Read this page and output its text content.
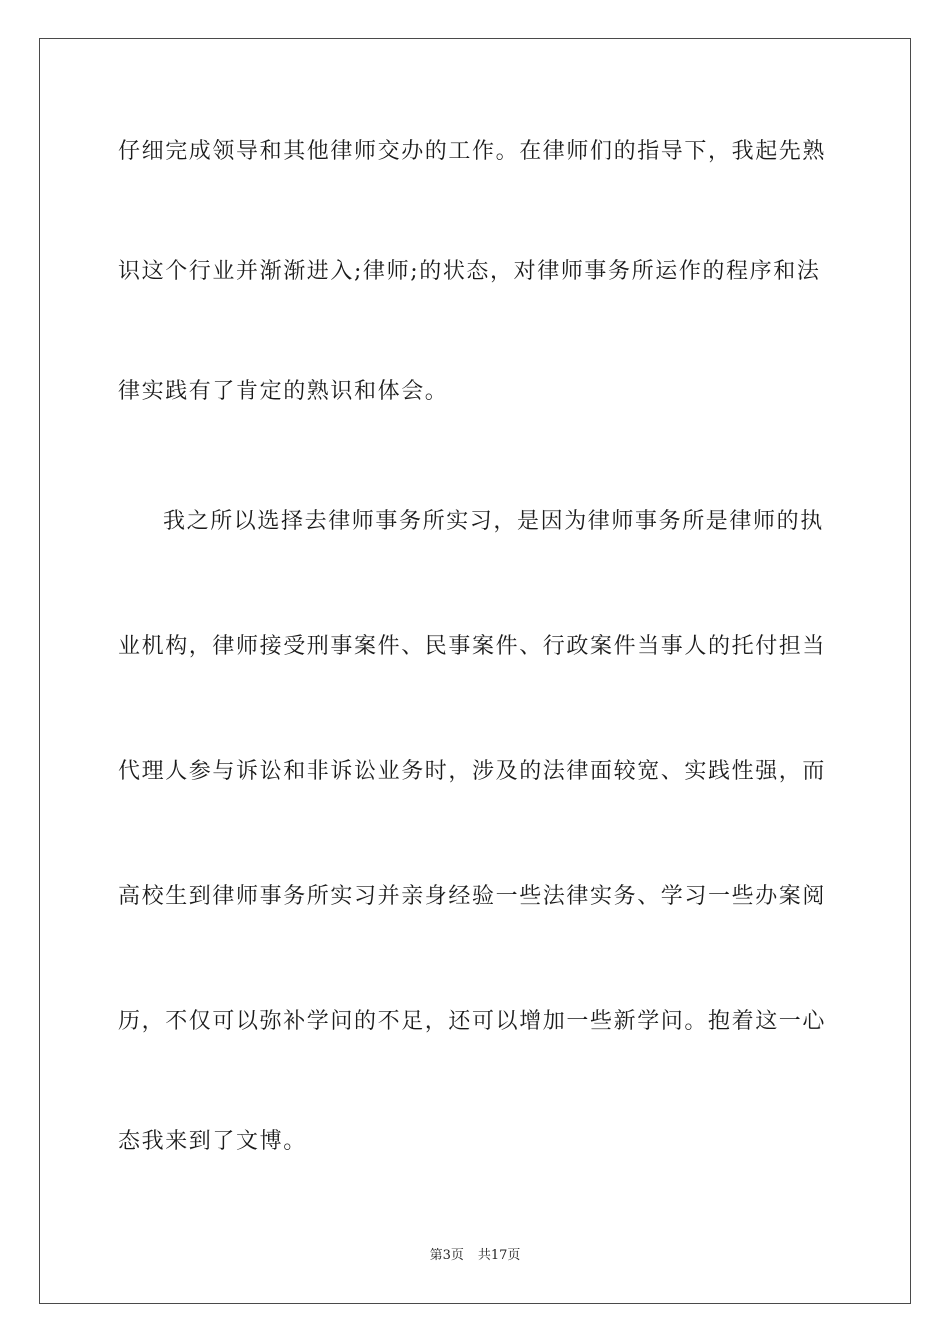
仔细完成领导和其他律师交办的工作。在律师们的指导下，我起先熟
识这个行业并渐渐进入;律师;的状态，对律师事务所运作的程序和法
律实践有了肯定的熟识和体会。
我之所以选择去律师事务所实习，是因为律师事务所是律师的执
业机构，律师接受刑事案件、民事案件、行政案件当事人的托付担当
代理人参与诉讼和非诉讼业务时，涉及的法律面较宽、实践性强，而
高校生到律师事务所实习并亲身经验一些法律实务、学习一些办案阅
历，不仅可以弥补学问的不足，还可以增加一些新学问。抱着这一心
态我来到了文博。
第3页 共17页
